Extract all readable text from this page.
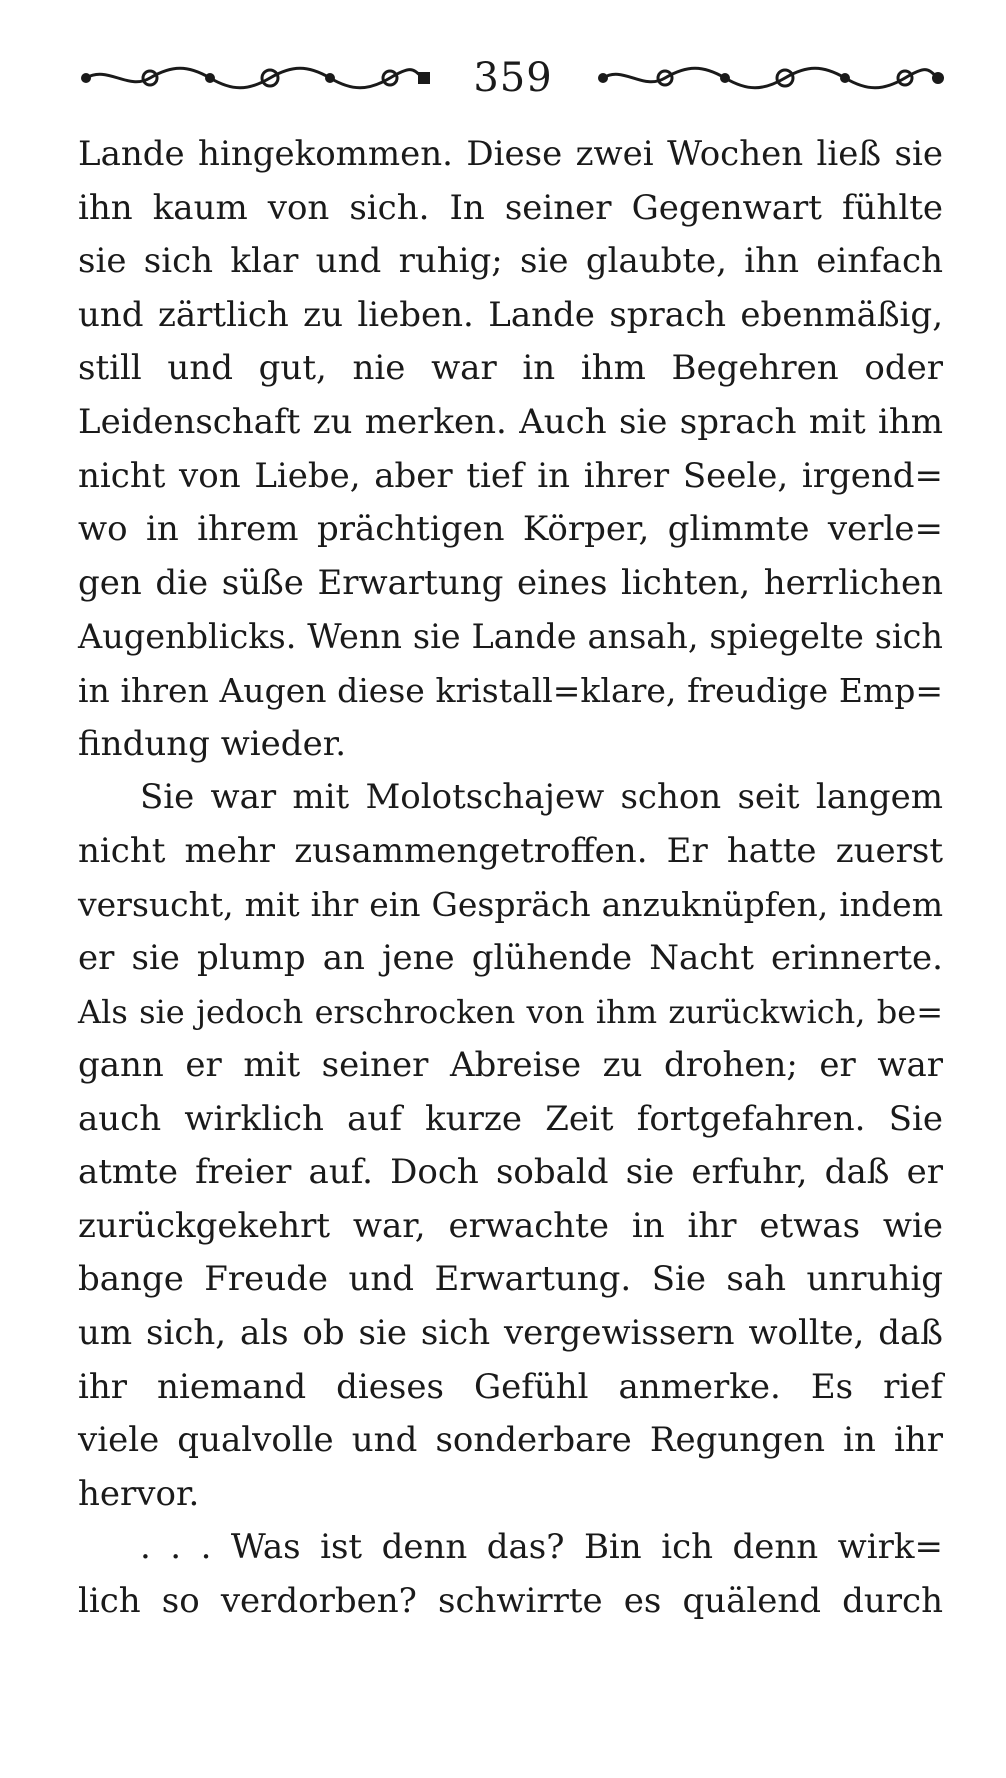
359
Lande hingekommen. Diese zwei Wochen ließ sie
ihn kaum von sich. In seiner Gegenwart fühlte
sie sich klar und ruhig; sie glaubte, ihn einfach
und zärtlich zu lieben. Lande sprach ebenmäßig,
still und gut, nie war in ihm Begehren oder
Leidenschaft zu merken. Auch sie sprach mit ihm
nicht von Liebe, aber tief in ihrer Seele, irgend=
wo in ihrem prächtigen Körper, glimmte verle=
gen die süße Erwartung eines lichten, herrlichen
Augenblicks. Wenn sie Lande ansah, spiegelte sich
in ihren Augen diese kristall=klare, freudige Emp=
findung wieder.
Sie war mit Molotschajew schon seit langem
nicht mehr zusammengetroffen. Er hatte zuerst
versucht, mit ihr ein Gespräch anzuknüpfen, indem
er sie plump an jene glühende Nacht erinnerte.
Als sie jedoch erschrocken von ihm zurückwich, be=
gann er mit seiner Abreise zu drohen; er war
auch wirklich auf kurze Zeit fortgefahren. Sie
atmte freier auf. Doch sobald sie erfuhr, daß er
zurückgekehrt war, erwachte in ihr etwas wie
bange Freude und Erwartung. Sie sah unruhig
um sich, als ob sie sich vergewissern wollte, daß
ihr niemand dieses Gefühl anmerke. Es rief
viele qualvolle und sonderbare Regungen in ihr
hervor.
. . . Was ist denn das? Bin ich denn wirk=
lich so verdorben? schwirrte es quälend durch
